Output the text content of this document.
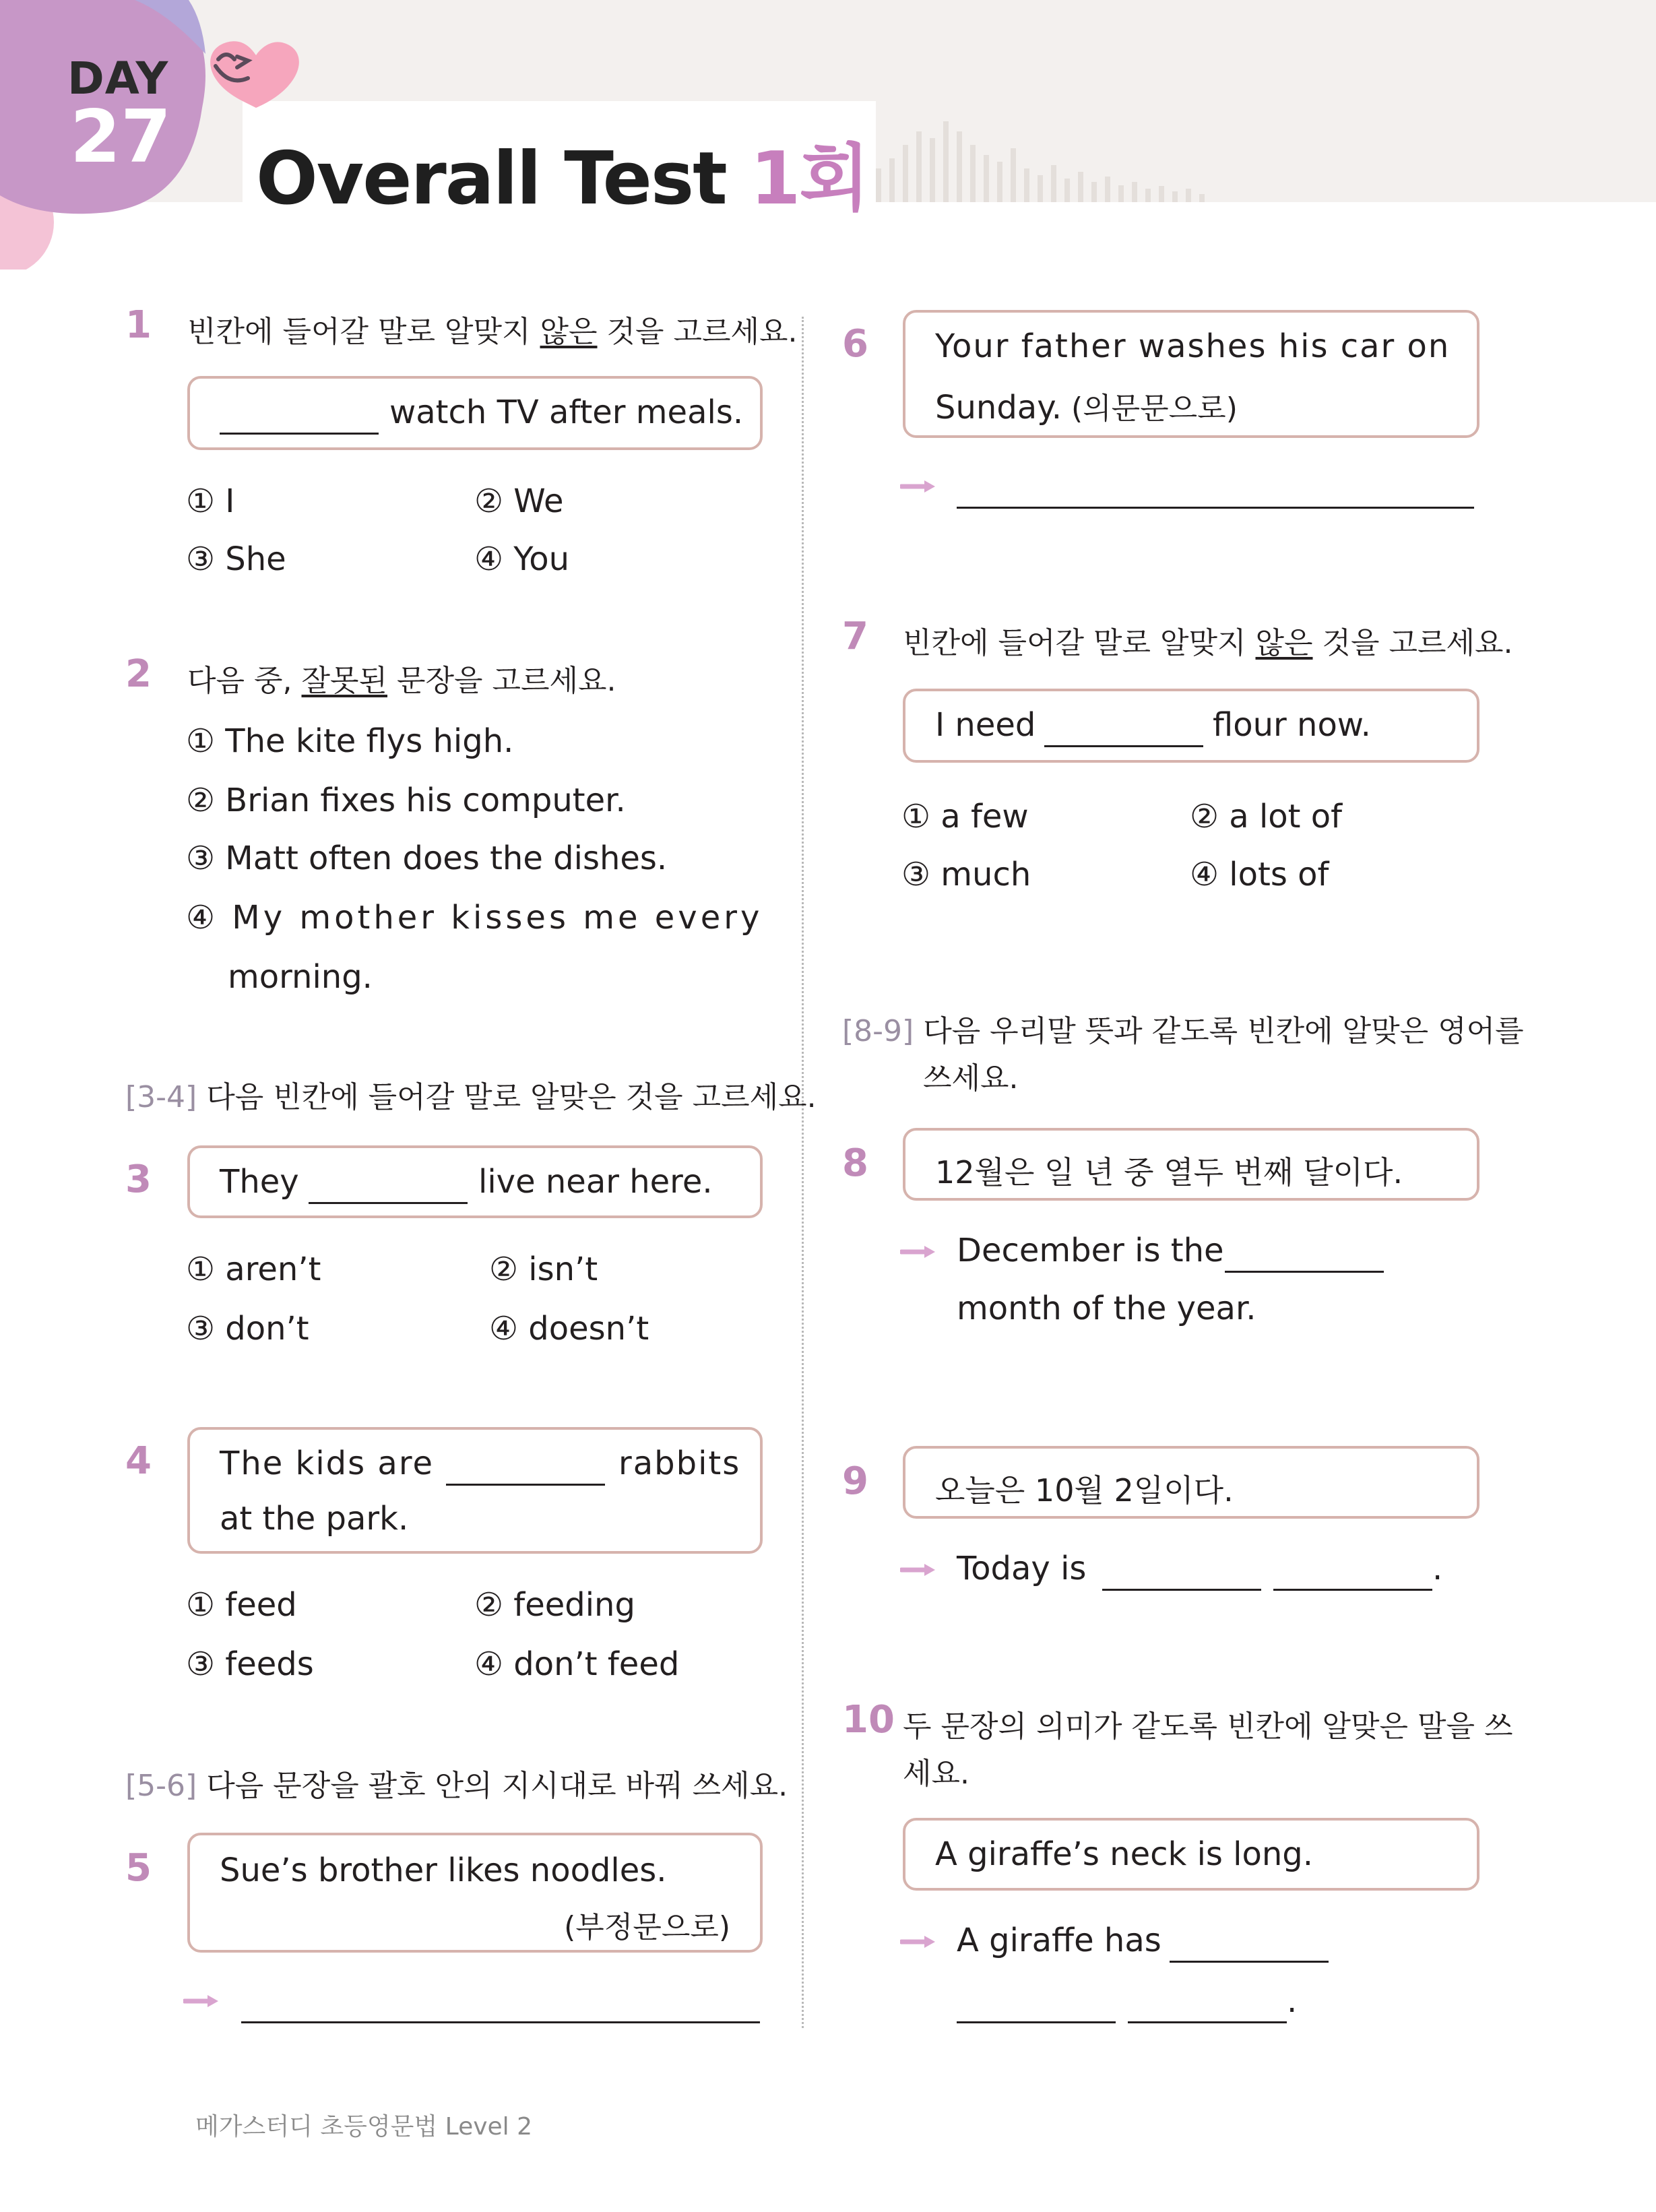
DAY
27 Overall Test 1회
1 빈칸에 들어갈 말로 알맞지 않은 것을 고르세요.
watch TV after meals.
① I	② We
③ She	④ You
2 다음 중, 잘못된 문장을 고르세요.
① The kite flys high.
② Brian fixes his computer.
③ Matt often does the dishes.
④ My mother kisses me every
morning.
[3-4] 다음 빈칸에 들어갈 말로 알맞은 것을 고르세요.
3 They	live near here.
① aren’t	② isn’t
③ don’t	④ doesn’t
4 The kids are	rabbits
at the park.
① feed	② feeding
③ feeds	④ don’t feed
[5-6] 다음 문장을 괄호 안의 지시대로 바꿔 쓰세요.
5 Sue’s brother likes noodles.
(부정문으로)
6 Your father washes his car on
Sunday. (의문문으로)
7 빈칸에 들어갈 말로 알맞지 않은 것을 고르세요.
I need	flour now.
① a few	② a lot of
③ much	④ lots of
[8-9] 다음 우리말 뜻과 같도록 빈칸에 알맞은 영어를
쓰세요.
8 12월은 일 년 중 열두 번째 달이다.
December is the
month of the year.
9 오늘은 10월 2일이다.
Today is	.
10 두 문장의 의미가 같도록 빈칸에 알맞은 말을 쓰
세요.
A giraffe’s neck is long.
A giraffe has
.
메가스터디 초등영문법 Level 2
